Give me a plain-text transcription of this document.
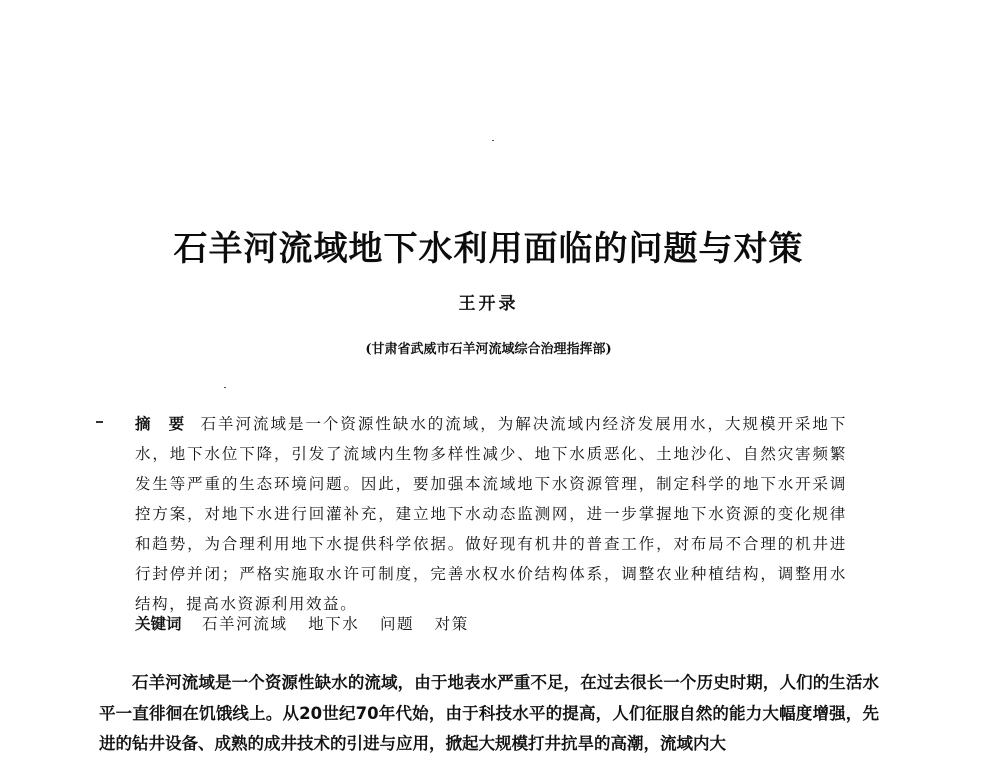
石羊河流域地下水利用面临的问题与对策
王开录
(甘肃省武威市石羊河流域综合治理指挥部)
摘 要 石羊河流域是一个资源性缺水的流域，为解决流域内经济发展用水，大规模开采地下水，地下水位下降，引发了流域内生物多样性减少、地下水质恶化、土地沙化、自然灾害频繁发生等严重的生态环境问题。因此，要加强本流域地下水资源管理，制定科学的地下水开采调控方案，对地下水进行回灌补充，建立地下水动态监测网，进一步掌握地下水资源的变化规律和趋势，为合理利用地下水提供科学依据。做好现有机井的普查工作，对布局不合理的机井进行封停并闭；严格实施取水许可制度，完善水权水价结构体系，调整农业种植结构，调整用水结构，提高水资源利用效益。
关键词 石羊河流域 地下水 问题 对策

石羊河流域是一个资源性缺水的流域，由于地表水严重不足，在过去很长一个历史时期，人们的生活水平一直徘徊在饥饿线上。从20世纪70年代始，由于科技水平的提高，人们征服自然的能力大幅度增强，先进的钻井设备、成熟的成井技术的引进与应用，掀起大规模打井抗旱的高潮，流域内大
